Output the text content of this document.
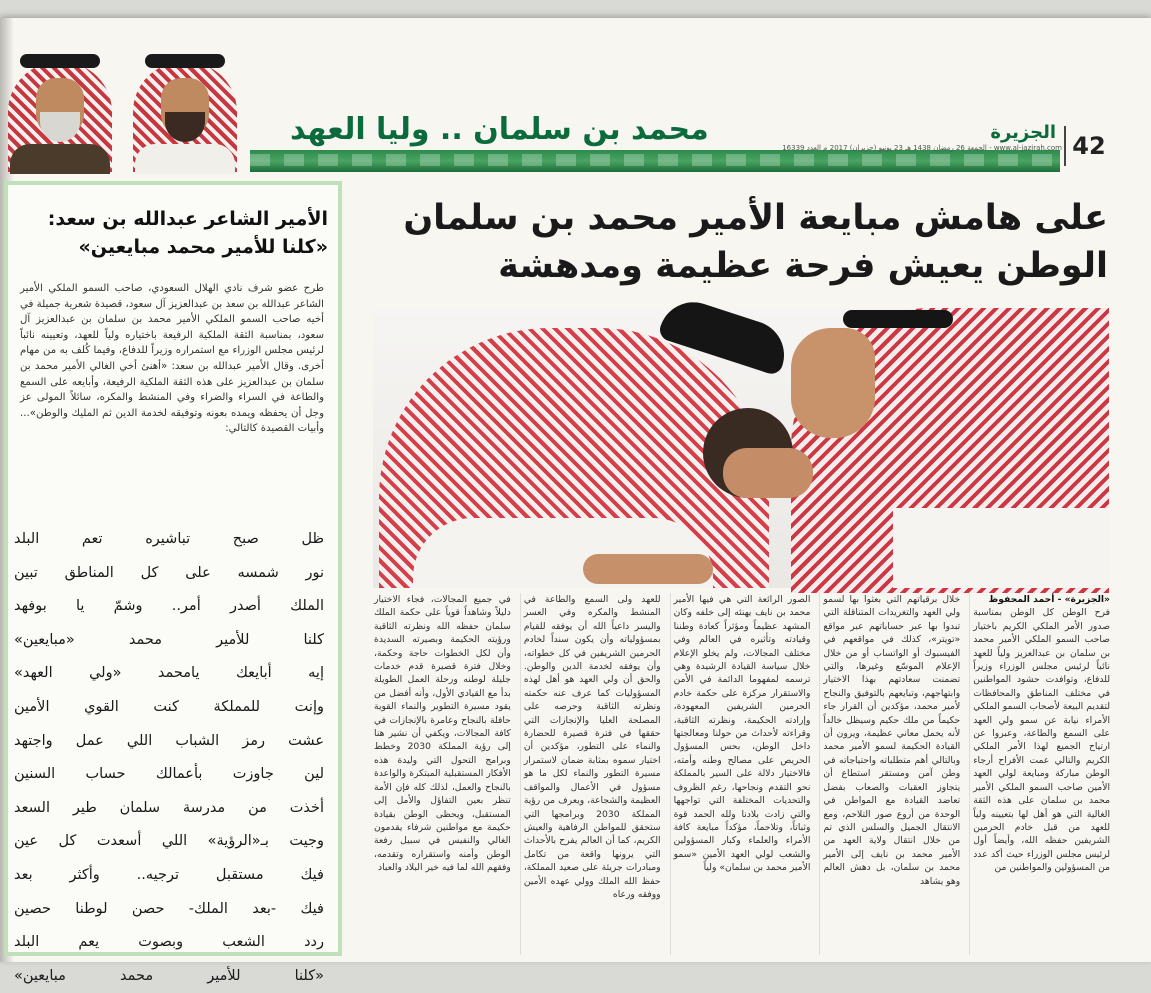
محمد بن سلمان .. وليا العهد	الجزيرة
الجمعة 26 رمضان 1438 هـ 23 يونيو (حزيران) 2017 م العدد 16339 - www.al-jazirah.com 42
الأمير الشاعر عبدالله بن سعد:
«كلنا للأمير محمد مبايعين»
طرح عضو شرف نادي الهلال السعودي، صاحب السمو الملكي الأمير الشاعر عبدالله بن سعد بن عبدالعزيز آل سعود، قصيدة شعرية جميلة في أخيه صاحب السمو الملكي الأمير محمد بن سلمان بن عبدالعزيز آل سعود، بمناسبة الثقة الملكية الرفيعة باختياره ولياً للعهد، وتعيينه نائباً لرئيس مجلس الوزراء مع استمراره وزيراً للدفاع، وفيما كُلف به من مهام أخرى. وقال الأمير عبدالله بن سعد: «أهنئ أخي الغالي الأمير محمد بن سلمان بن عبدالعزيز على هذه الثقة الملكية الرفيعة، وأبايعه على السمع والطاعة في السراء والضراء وفي المنشط والمكره، سائلاً المولى عز وجل أن يحفظه ويمده بعونه وتوفيقه لخدمة الدين ثم المليك والوطن»... وأبيات القصيدة كالتالي:
ظل صبح تباشيره تعم البلد
نور شمسه على كل المناطق تبين
الملك أصدر أمر.. وشمّ يا بوفهد
كلنا للأمير محمد «مبايعين»
إيه أبايعك يامحمد «ولي العهد»
وإنت للمملكة كنت القوي الأمين
عشت رمز الشباب اللي عمل واجتهد
لين جاوزت بأعمالك حساب السنين
أخذت من مدرسة سلمان طير السعد
وجيت بـ«الرؤية» اللي أسعدت كل عين
فيك مستقبل ترجيه.. وأكثر بعد
فيك -بعد الملك- حصن لوطنا حصين
ردد الشعب وبصوت يعم البلد
«كلنا للأمير محمد مبايعين»
على هامش مبايعة الأمير محمد بن سلمان
الوطن يعيش فرحة عظيمة ومدهشة
«الجزيرة» - أحمد المحفوظ
فرح الوطن كل الوطن بمناسبة صدور الأمر الملكي الكريم باختيار صاحب السمو الملكي الأمير محمد بن سلمان بن عبدالعزيز ولياً للعهد نائباً لرئيس مجلس الوزراء وزيراً للدفاع، وتوافدت حشود المواطنين في مختلف المناطق والمحافظات لتقديم البيعة لأصحاب السمو الملكي الأمراء نيابة عن سمو ولي العهد على السمع والطاعة، وعبروا عن ارتياح الجميع لهذا الأمر الملكي الكريم والتالي عمت الأفراح أرجاء الوطن مباركة ومبايعة لولي العهد الأمين صاحب السمو الملكي الأمير محمد بن سلمان على هذه الثقة الغالية التي هو أهل لها بتعيينه ولياً للعهد من قبل خادم الحرمين الشريفين حفظه الله، وأيضاً أول لرئيس مجلس الوزراء حيث أكد عدد من المسؤولين والمواطنين من
خلال برقياتهم التي بعثوا بها لسمو ولي العهد والتغريدات المتناقلة التي تبدوا بها عبر حساباتهم عبر مواقع «تويتر»، كذلك في مواقعهم في الفيسبوك أو الواتساب أو من خلال الإعلام الموسّع وغيرها، والتي تضمنت سعادتهم بهذا الاختيار وابتهاجهم، وتبايعهم بالتوفيق والنجاح لأمير محمد، مؤكدين أن القرار جاء حكيماً من ملك حكيم وسيظل خالداً لأنه يحمل معاني عظيمة، ويرون أن القيادة الحكيمة لسمو الأمير محمد وبالتالي أهم متطلباته واحتياجاته في وطن آمن ومستقر استطاع أن يتجاوز العقبات والصعاب بفضل تعاضد القيادة مع المواطن في الوحدة من أروع صور التلاحم، ومع الانتقال الجميل والسلس الذي تم من خلال انتقال ولاية العهد من الأمير محمد بن نايف إلى الأمير محمد بن سلمان، بل دهش العالم وهو يشاهد
الصور الرائعة التي هي فيها الأمير محمد بن نايف يهنئه إلى خلفه وكان المشهد عظيماً ومؤثراً كعادة وطننا وقيادته وتأثيره في العالم وفي مختلف المجالات، ولم يخلو الإعلام خلال سياسة القيادة الرشيدة وهي ترسمه لمفهوما الدائمة في الأمن والاستقرار مركزة على حكمة خادم الحرمين الشريفين المعهودة، وإرادته الحكيمة، ونظرته الثاقبة، وقراءته لأحداث من حولنا ومعالجتها داخل الوطن، بحس المسؤول الحريص على مصالح وطنه وأمته، فالاختيار دلالة على السير بالمملكة نحو التقدم ونجاحها، رغم الظروف والتحديات المختلفة التي تواجهها والتي زادت بلادنا ولله الحمد قوة وثباتاً، وتلاحماً، مؤكداً مبايعة كافة الأمراء والعلماء وكبار المسؤولين والشعب لولي العهد الأمين «سمو الأمير محمد بن سلمان» ولياً
للعهد ولى السمع والطاعة في المنشط والمكره وفي العسر واليسر داعياً الله أن يوفقه للقيام بمسؤولياته وأن يكون سنداً لخادم الحرمين الشريفين في كل خطواته، وأن يوفقه لخدمة الدين والوطن. والحق أن ولي العهد هو أهل لهذه المسؤوليات كما عرف عنه حكمته ونظرته الثاقبة وحرصه على المصلحة العليا والإنجازات التي حققها في فترة قصيرة للحضارة والنماء على التطور، مؤكدين أن اختيار سموه بمثابة ضمان لاستمرار مسيرة التطور والنماء لكل ما هو مسؤول في الأعمال والمواقف العظيمة والشجاعة، ويعرف من رؤية المملكة 2030 وبرامجها التي ستحقق للمواطن الرفاهية والعيش الكريم، كما أن العالم يفرح بالأحداث التي يرونها واقعة من تكامل ومبادرات جريئة على صعيد المملكة، حفظ الله الملك وولي عهده الأمين ووفقه ورعاه
في جميع المجالات، فجاء الاختيار دليلاً وشاهداً قوياً على حكمة الملك سلمان حفظه الله ونظرته الثاقبة ورؤيته الحكيمة وبصيرته السديدة وأن لكل الخطوات حاجة وحكمة، وخلال فترة قصيرة قدم خدمات جليلة لوطنه ورحلة العمل الطويلة بدأ مع القيادي الأول، وأنه أفضل من يقود مسيرة التطوير والنماء القوية حافلة بالنجاح وعامرة بالإنجازات في كافة المجالات، ويكفي أن نشير هنا إلى رؤية المملكة 2030 وخطط وبرامج التحول التي وليدة هذه الأفكار المستقبلية المبتكرة والواعدة بالنجاح والعمل، لذلك كله فإن الأمة تنظر بعين التفاؤل والأمل إلى المستقبل، ويحظى الوطن بقيادة حكيمة مع مواطنين شرفاء يقدمون الغالي والنفيس في سبيل رفعة الوطن وأمنه واستقراره وتقدمه، وفقهم الله لما فيه خير البلاد والعباد
